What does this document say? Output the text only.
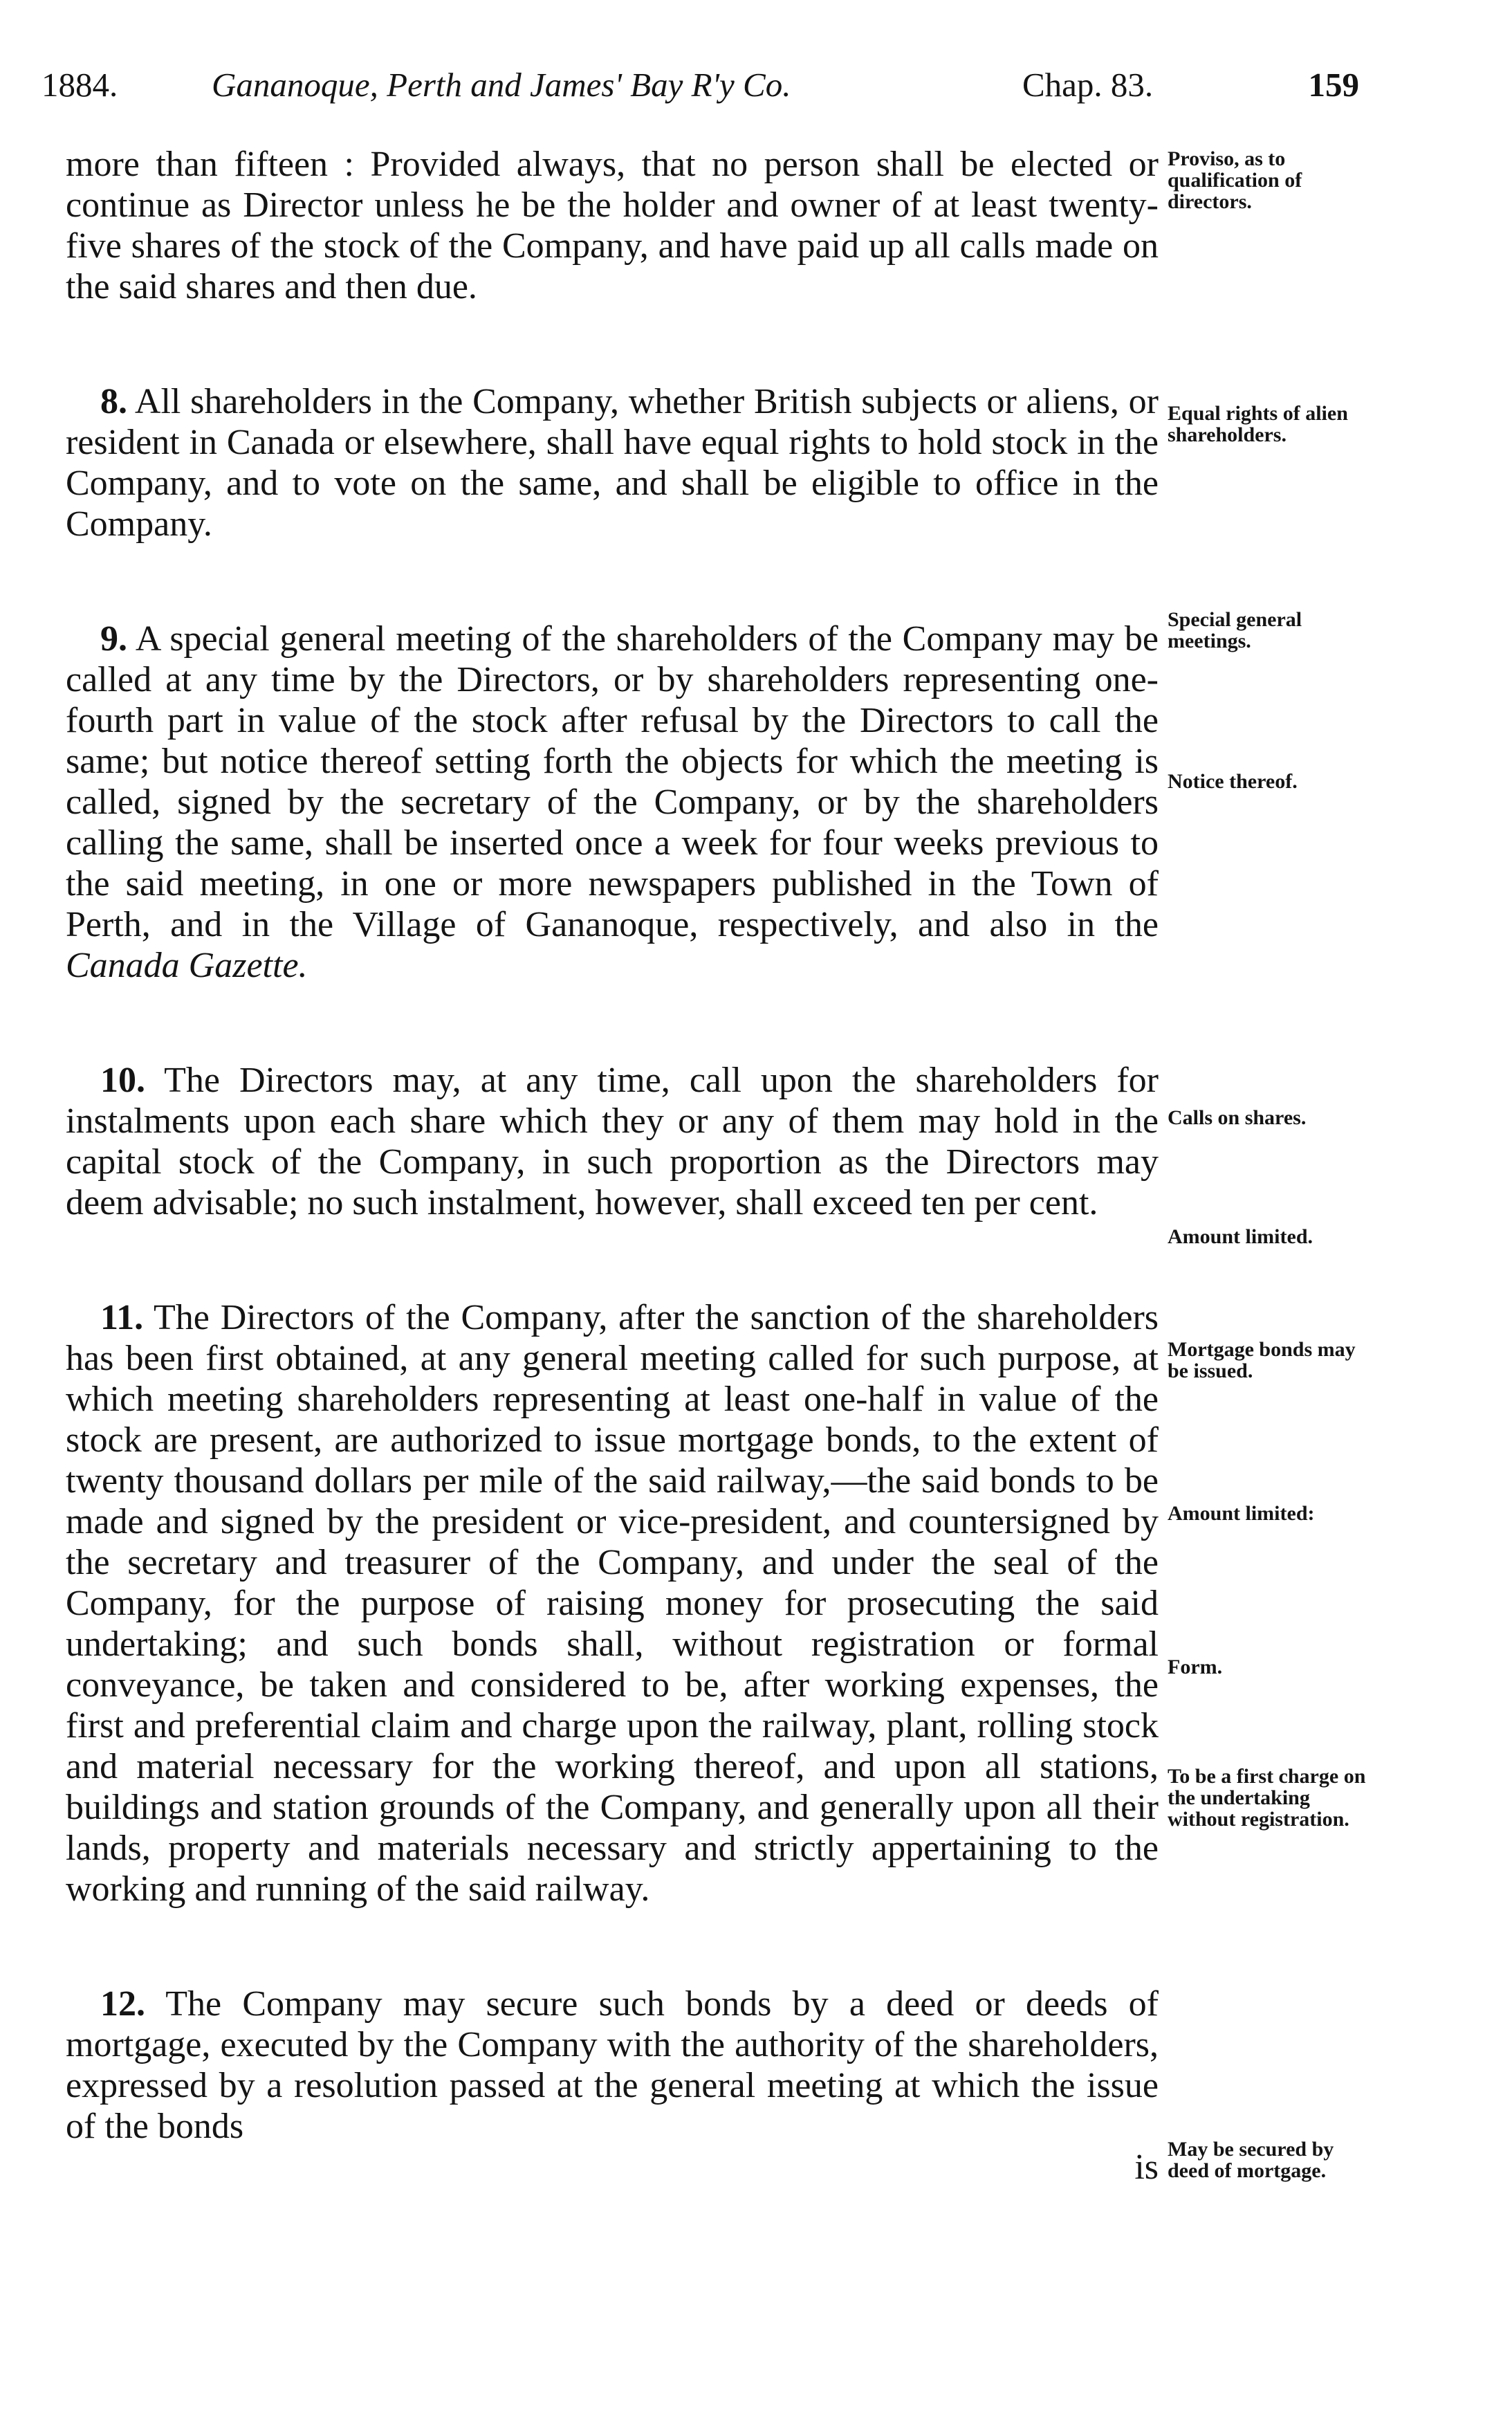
1884.	Gananoque, Perth and James' Bay R'y Co.	Chap. 83.	159

more than fifteen : Provided always, that no person shall be elected or continue as Director unless he be the holder and owner of at least twenty-five shares of the stock of the Company, and have paid up all calls made on the said shares and then due.

8. All shareholders in the Company, whether British subjects or aliens, or resident in Canada or elsewhere, shall have equal rights to hold stock in the Company, and to vote on the same, and shall be eligible to office in the Company.

9. A special general meeting of the shareholders of the Company may be called at any time by the Directors, or by shareholders representing one-fourth part in value of the stock after refusal by the Directors to call the same; but notice thereof setting forth the objects for which the meeting is called, signed by the secretary of the Company, or by the shareholders calling the same, shall be inserted once a week for four weeks previous to the said meeting, in one or more newspapers published in the Town of Perth, and in the Village of Gananoque, respectively, and also in the Canada Gazette.

10. The Directors may, at any time, call upon the shareholders for instalments upon each share which they or any of them may hold in the capital stock of the Company, in such proportion as the Directors may deem advisable; no such instalment, however, shall exceed ten per cent.

11. The Directors of the Company, after the sanction of the shareholders has been first obtained, at any general meeting called for such purpose, at which meeting shareholders representing at least one-half in value of the stock are present, are authorized to issue mortgage bonds, to the extent of twenty thousand dollars per mile of the said railway,—the said bonds to be made and signed by the president or vice-president, and countersigned by the secretary and treasurer of the Company, and under the seal of the Company, for the purpose of raising money for prosecuting the said undertaking; and such bonds shall, without registration or formal conveyance, be taken and considered to be, after working expenses, the first and preferential claim and charge upon the railway, plant, rolling stock and material necessary for the working thereof, and upon all stations, buildings and station grounds of the Company, and generally upon all their lands, property and materials necessary and strictly appertaining to the working and running of the said railway.

12. The Company may secure such bonds by a deed or deeds of mortgage, executed by the Company with the authority of the shareholders, expressed by a resolution passed at the general meeting at which the issue of the bonds

is

Proviso, as to qualification of directors.
Equal rights of alien shareholders.
Special general meetings.
Notice thereof.
Calls on shares.
Amount limited.
Mortgage bonds may be issued.
Amount limited:
Form.
To be a first charge on the undertaking without registration.
May be secured by deed of mortgage.
